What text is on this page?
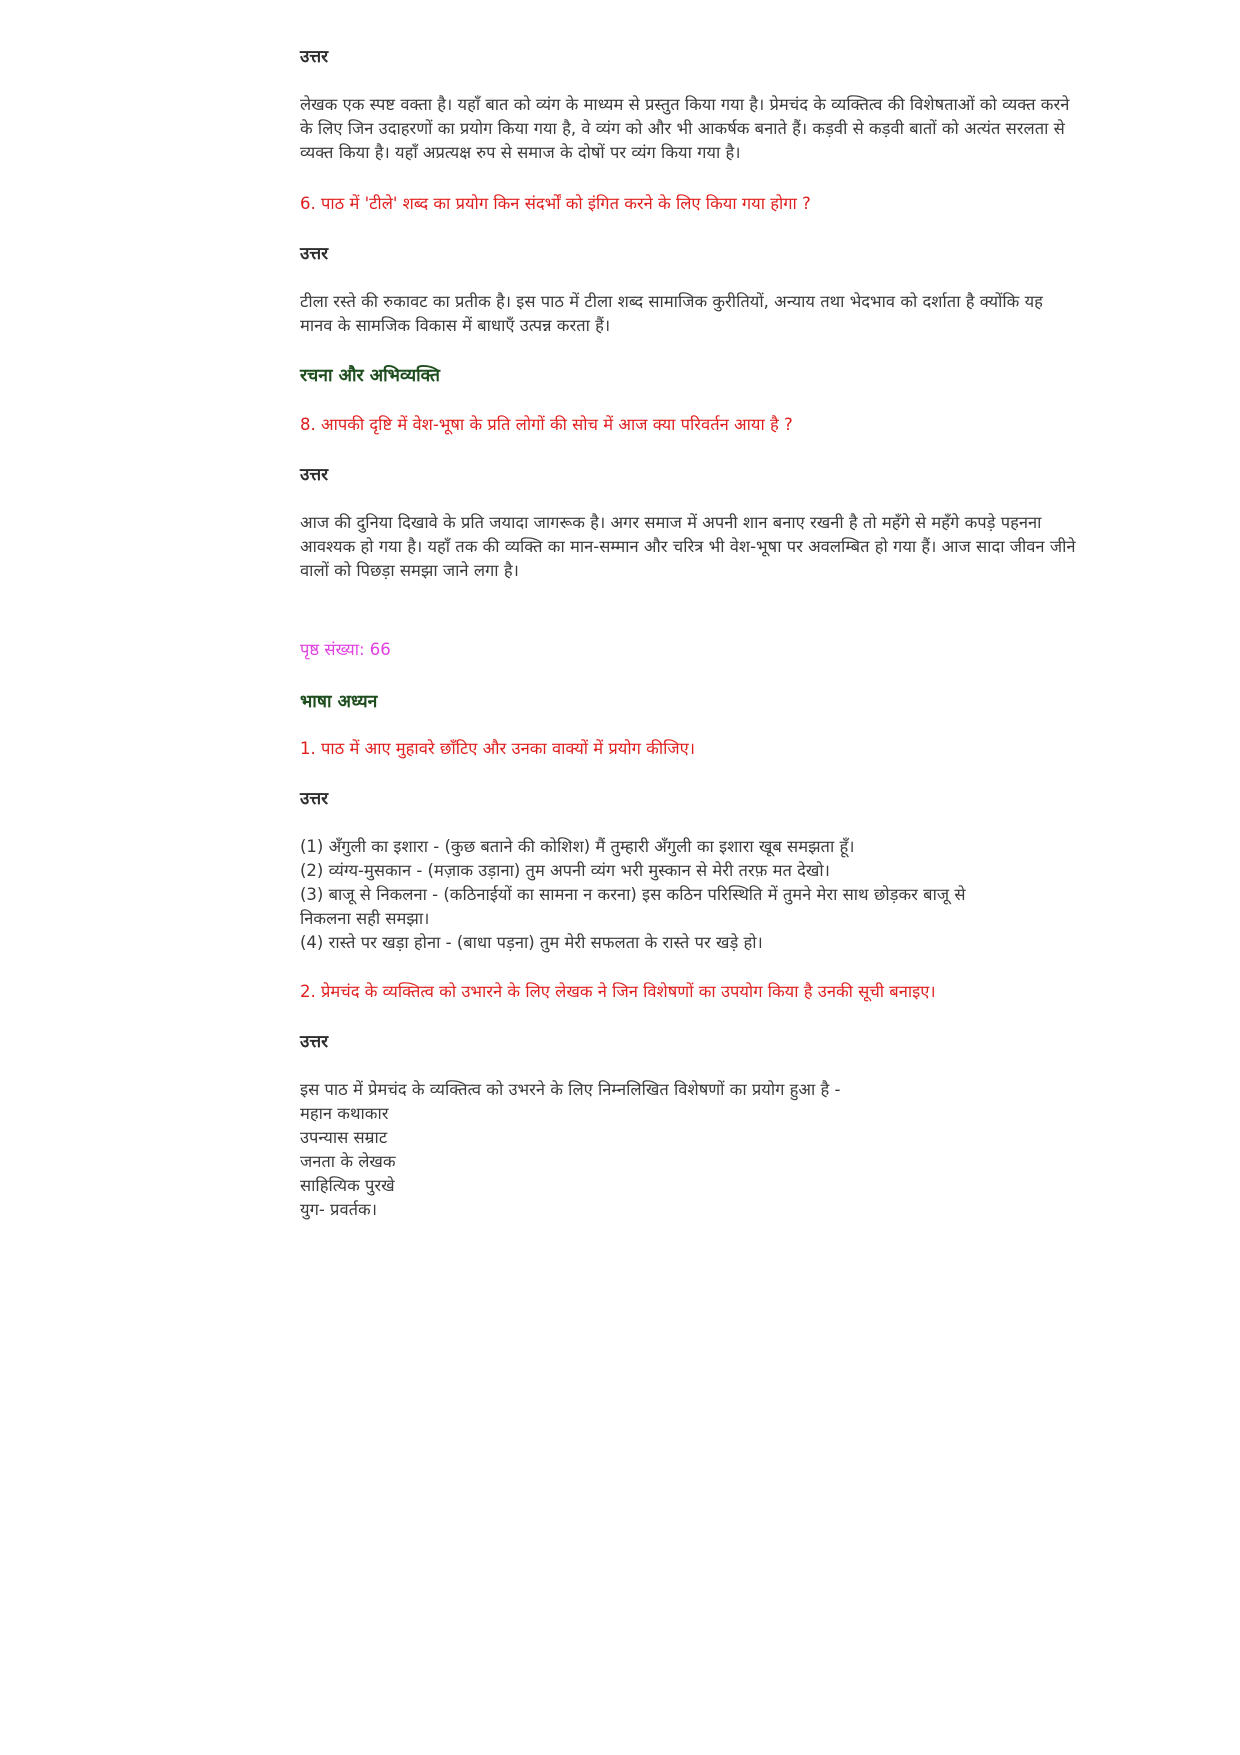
उत्तर
लेखक एक स्पष्ट वक्ता है। यहाँ बात को व्यंग के माध्यम से प्रस्तुत किया गया है। प्रेमचंद के व्यक्तित्व की विशेषताओं को व्यक्त करने के लिए जिन उदाहरणों का प्रयोग किया गया है, वे व्यंग को और भी आकर्षक बनाते हैं। कड़वी से कड़वी बातों को अत्यंत सरलता से व्यक्त किया है। यहाँ अप्रत्यक्ष रुप से समाज के दोषों पर व्यंग किया गया है।
6. पाठ में 'टीले' शब्द का प्रयोग किन संदर्भों को इंगित करने के लिए किया गया होगा ?
उत्तर
टीला रस्ते की रुकावट का प्रतीक है। इस पाठ में टीला शब्द सामाजिक कुरीतियों, अन्याय तथा भेदभाव को दर्शाता है क्योंकि यह मानव के सामजिक विकास में बाधाएँ उत्पन्न करता हैं।
रचना और अभिव्यक्ति
8. आपकी दृष्टि में वेश-भूषा के प्रति लोगों की सोच में आज क्या परिवर्तन आया है ?
उत्तर
आज की दुनिया दिखावे के प्रति जयादा जागरूक है। अगर समाज में अपनी शान बनाए रखनी है तो महँगे से महँगे कपड़े पहनना आवश्यक हो गया है। यहाँ तक की व्यक्ति का मान-सम्मान और चरित्र भी वेश-भूषा पर अवलम्बित हो गया हैं। आज सादा जीवन जीने वालों को पिछड़ा समझा जाने लगा है।
पृष्ठ संख्या: 66
भाषा अध्यन
1. पाठ में आए मुहावरे छाँटिए और उनका वाक्यों में प्रयोग कीजिए।
उत्तर
(1) अँगुली का इशारा - (कुछ बताने की कोशिश) मैं तुम्हारी अँगुली का इशारा खूब समझता हूँ।
(2) व्यंग्य-मुसकान - (मज़ाक उड़ाना) तुम अपनी व्यंग भरी मुस्कान से मेरी तरफ़ मत देखो।
(3) बाजू से निकलना - (कठिनाईयों का सामना न करना) इस कठिन परिस्थिति में तुमने मेरा साथ छोड़कर बाजू से
निकलना सही समझा।
(4) रास्ते पर खड़ा होना - (बाधा पड़ना) तुम मेरी सफलता के रास्ते पर खड़े हो।
2. प्रेमचंद के व्यक्तित्व को उभारने के लिए लेखक ने जिन विशेषणों का उपयोग किया है उनकी सूची बनाइए।
उत्तर
इस पाठ में प्रेमचंद के व्यक्तित्व को उभरने के लिए निम्नलिखित विशेषणों का प्रयोग हुआ है -
महान कथाकार
उपन्यास सम्राट
जनता के लेखक
साहित्यिक पुरखे
युग- प्रवर्तक।
